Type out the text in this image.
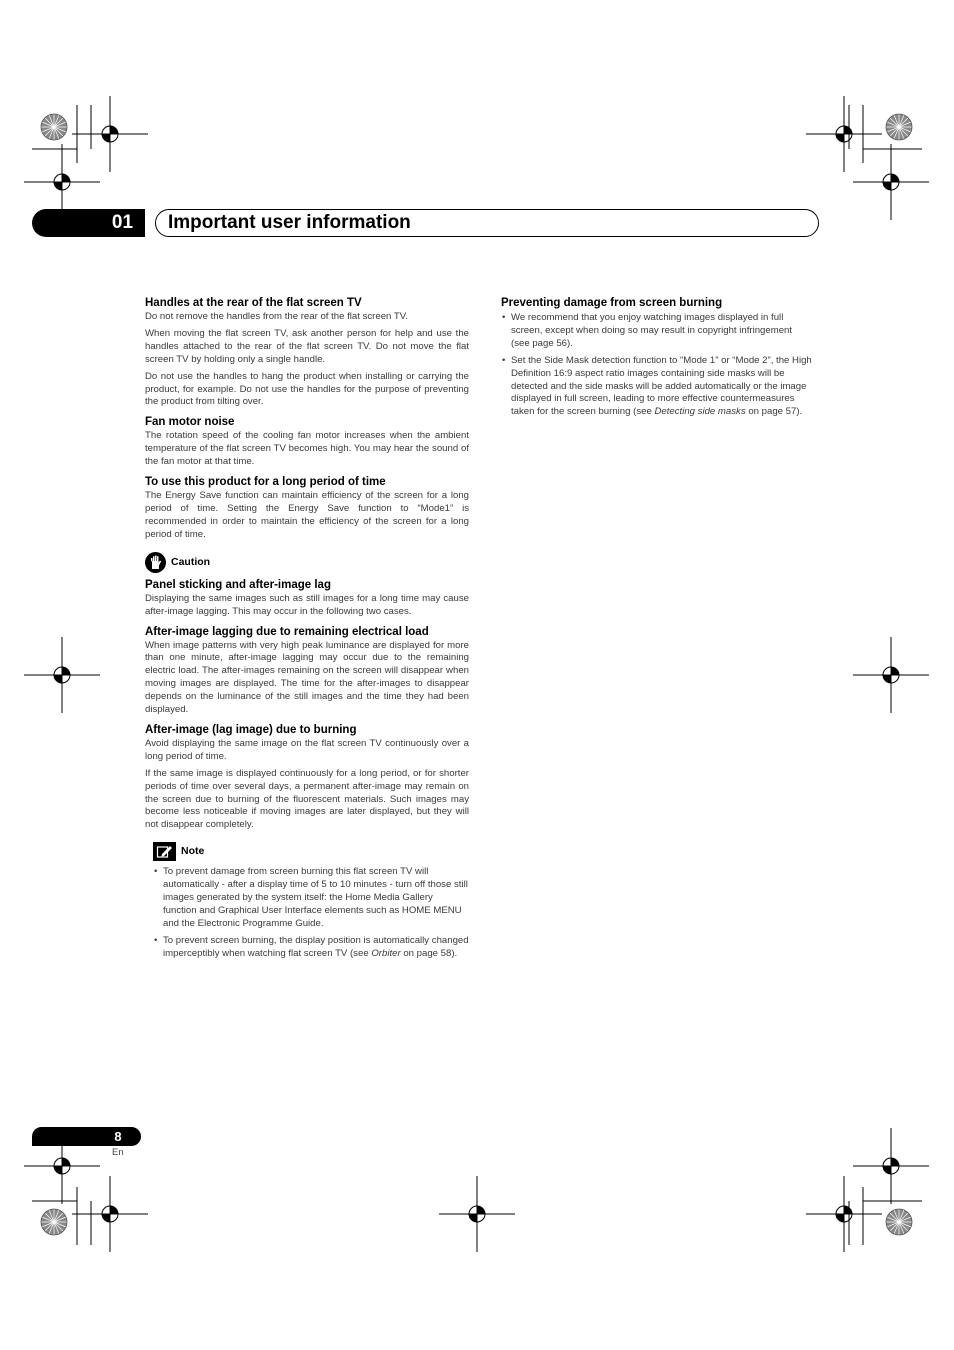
01	Important user information
Handles at the rear of the flat screen TV

Do not remove the handles from the rear of the flat screen TV.

When moving the flat screen TV, ask another person for help and use the handles attached to the rear of the flat screen TV. Do not move the flat screen TV by holding only a single handle.

Do not use the handles to hang the product when installing or carrying the product, for example. Do not use the handles for the purpose of preventing the product from tilting over.

Fan motor noise

The rotation speed of the cooling fan motor increases when the ambient temperature of the flat screen TV becomes high. You may hear the sound of the fan motor at that time.

To use this product for a long period of time

The Energy Save function can maintain efficiency of the screen for a long period of time. Setting the Energy Save function to “Mode1” is recommended in order to maintain the efficiency of the screen for a long period of time.

Caution
Panel sticking and after-image lag

Displaying the same images such as still images for a long time may cause after-image lagging. This may occur in the following two cases.

After-image lagging due to remaining electrical load

When image patterns with very high peak luminance are displayed for more than one minute, after-image lagging may occur due to the remaining electric load. The after-images remaining on the screen will disappear when moving images are displayed. The time for the after-images to disappear depends on the luminance of the still images and the time they had been displayed.

After-image (lag image) due to burning

Avoid displaying the same image on the flat screen TV continuously over a long period of time.

If the same image is displayed continuously for a long period, or for shorter periods of time over several days, a permanent after-image may remain on the screen due to burning of the fluorescent materials. Such images may become less noticeable if moving images are later displayed, but they will not disappear completely.

Note
• To prevent damage from screen burning this flat screen TV will automatically - after a display time of 5 to 10 minutes - turn off those still images generated by the system itself: the Home Media Gallery function and Graphical User Interface elements such as HOME MENU and the Electronic Programme Guide.
• To prevent screen burning, the display position is automatically changed imperceptibly when watching flat screen TV (see Orbiter on page 58).
Preventing damage from screen burning
• We recommend that you enjoy watching images displayed in full screen, except when doing so may result in copyright infringement (see page 56).
• Set the Side Mask detection function to “Mode 1” or “Mode 2”, the High Definition 16:9 aspect ratio images containing side masks will be detected and the side masks will be added automatically or the image displayed in full screen, leading to more effective countermeasures taken for the screen burning (see Detecting side masks on page 57).
8
En
